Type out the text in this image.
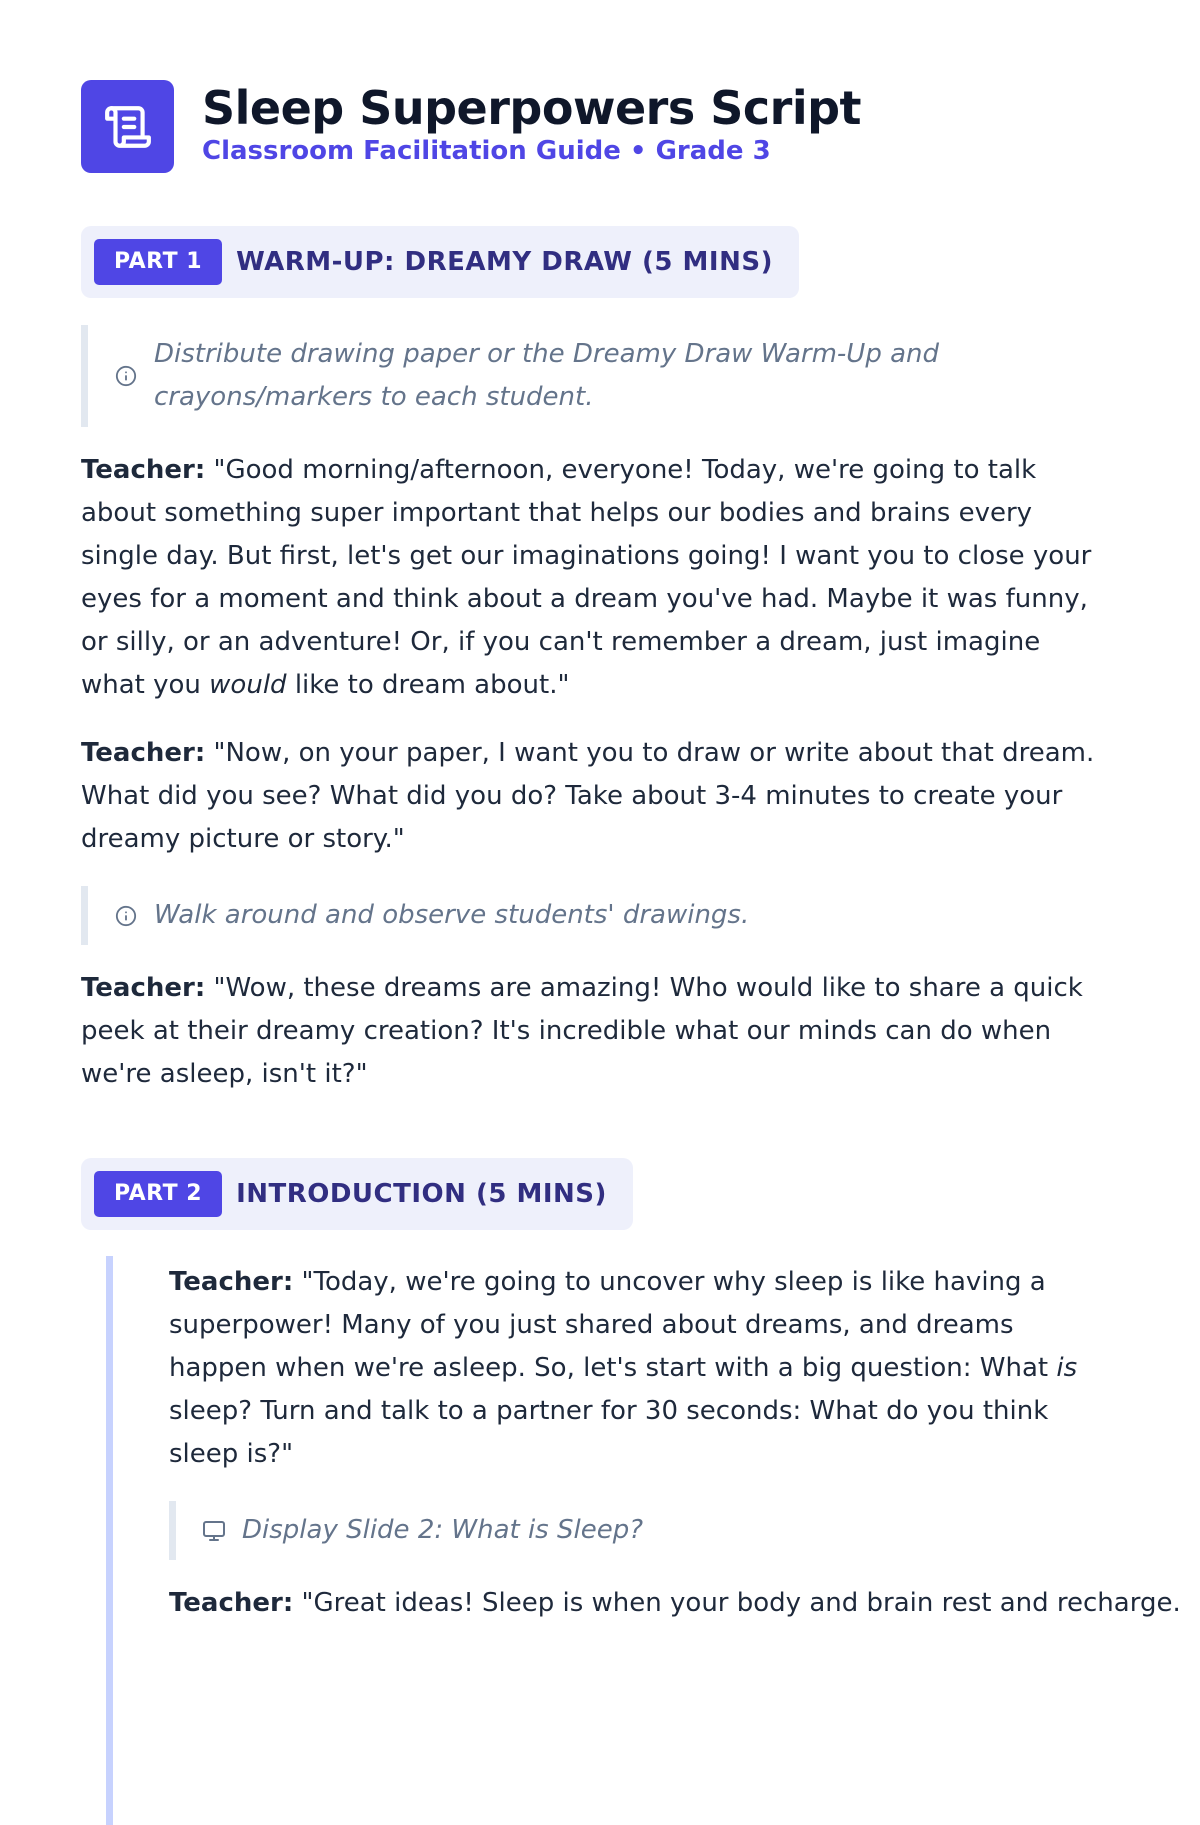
Sleep Superpowers Script
Classroom Facilitation Guide • Grade 3
PART 1	WARM-UP: DREAMY DRAW (5 MINS)
Distribute drawing paper or the Dreamy Draw Warm-Up and crayons/markers to each student.

Teacher: "Good morning/afternoon, everyone! Today, we're going to talk about something super important that helps our bodies and brains every single day. But first, let's get our imaginations going! I want you to close your eyes for a moment and think about a dream you've had. Maybe it was funny, or silly, or an adventure! Or, if you can't remember a dream, just imagine what you would like to dream about."

Teacher: "Now, on your paper, I want you to draw or write about that dream. What did you see? What did you do? Take about 3-4 minutes to create your dreamy picture or story."

Walk around and observe students' drawings.

Teacher: "Wow, these dreams are amazing! Who would like to share a quick peek at their dreamy creation? It's incredible what our minds can do when we're asleep, isn't it?"

PART 2	INTRODUCTION (5 MINS)

Teacher: "Today, we're going to uncover why sleep is like having a superpower! Many of you just shared about dreams, and dreams happen when we're asleep. So, let's start with a big question: What is sleep? Turn and talk to a partner for 30 seconds: What do you think sleep is?"

Display Slide 2: What is Sleep?

Teacher: "Great ideas! Sleep is when your body and brain rest and recharge.
